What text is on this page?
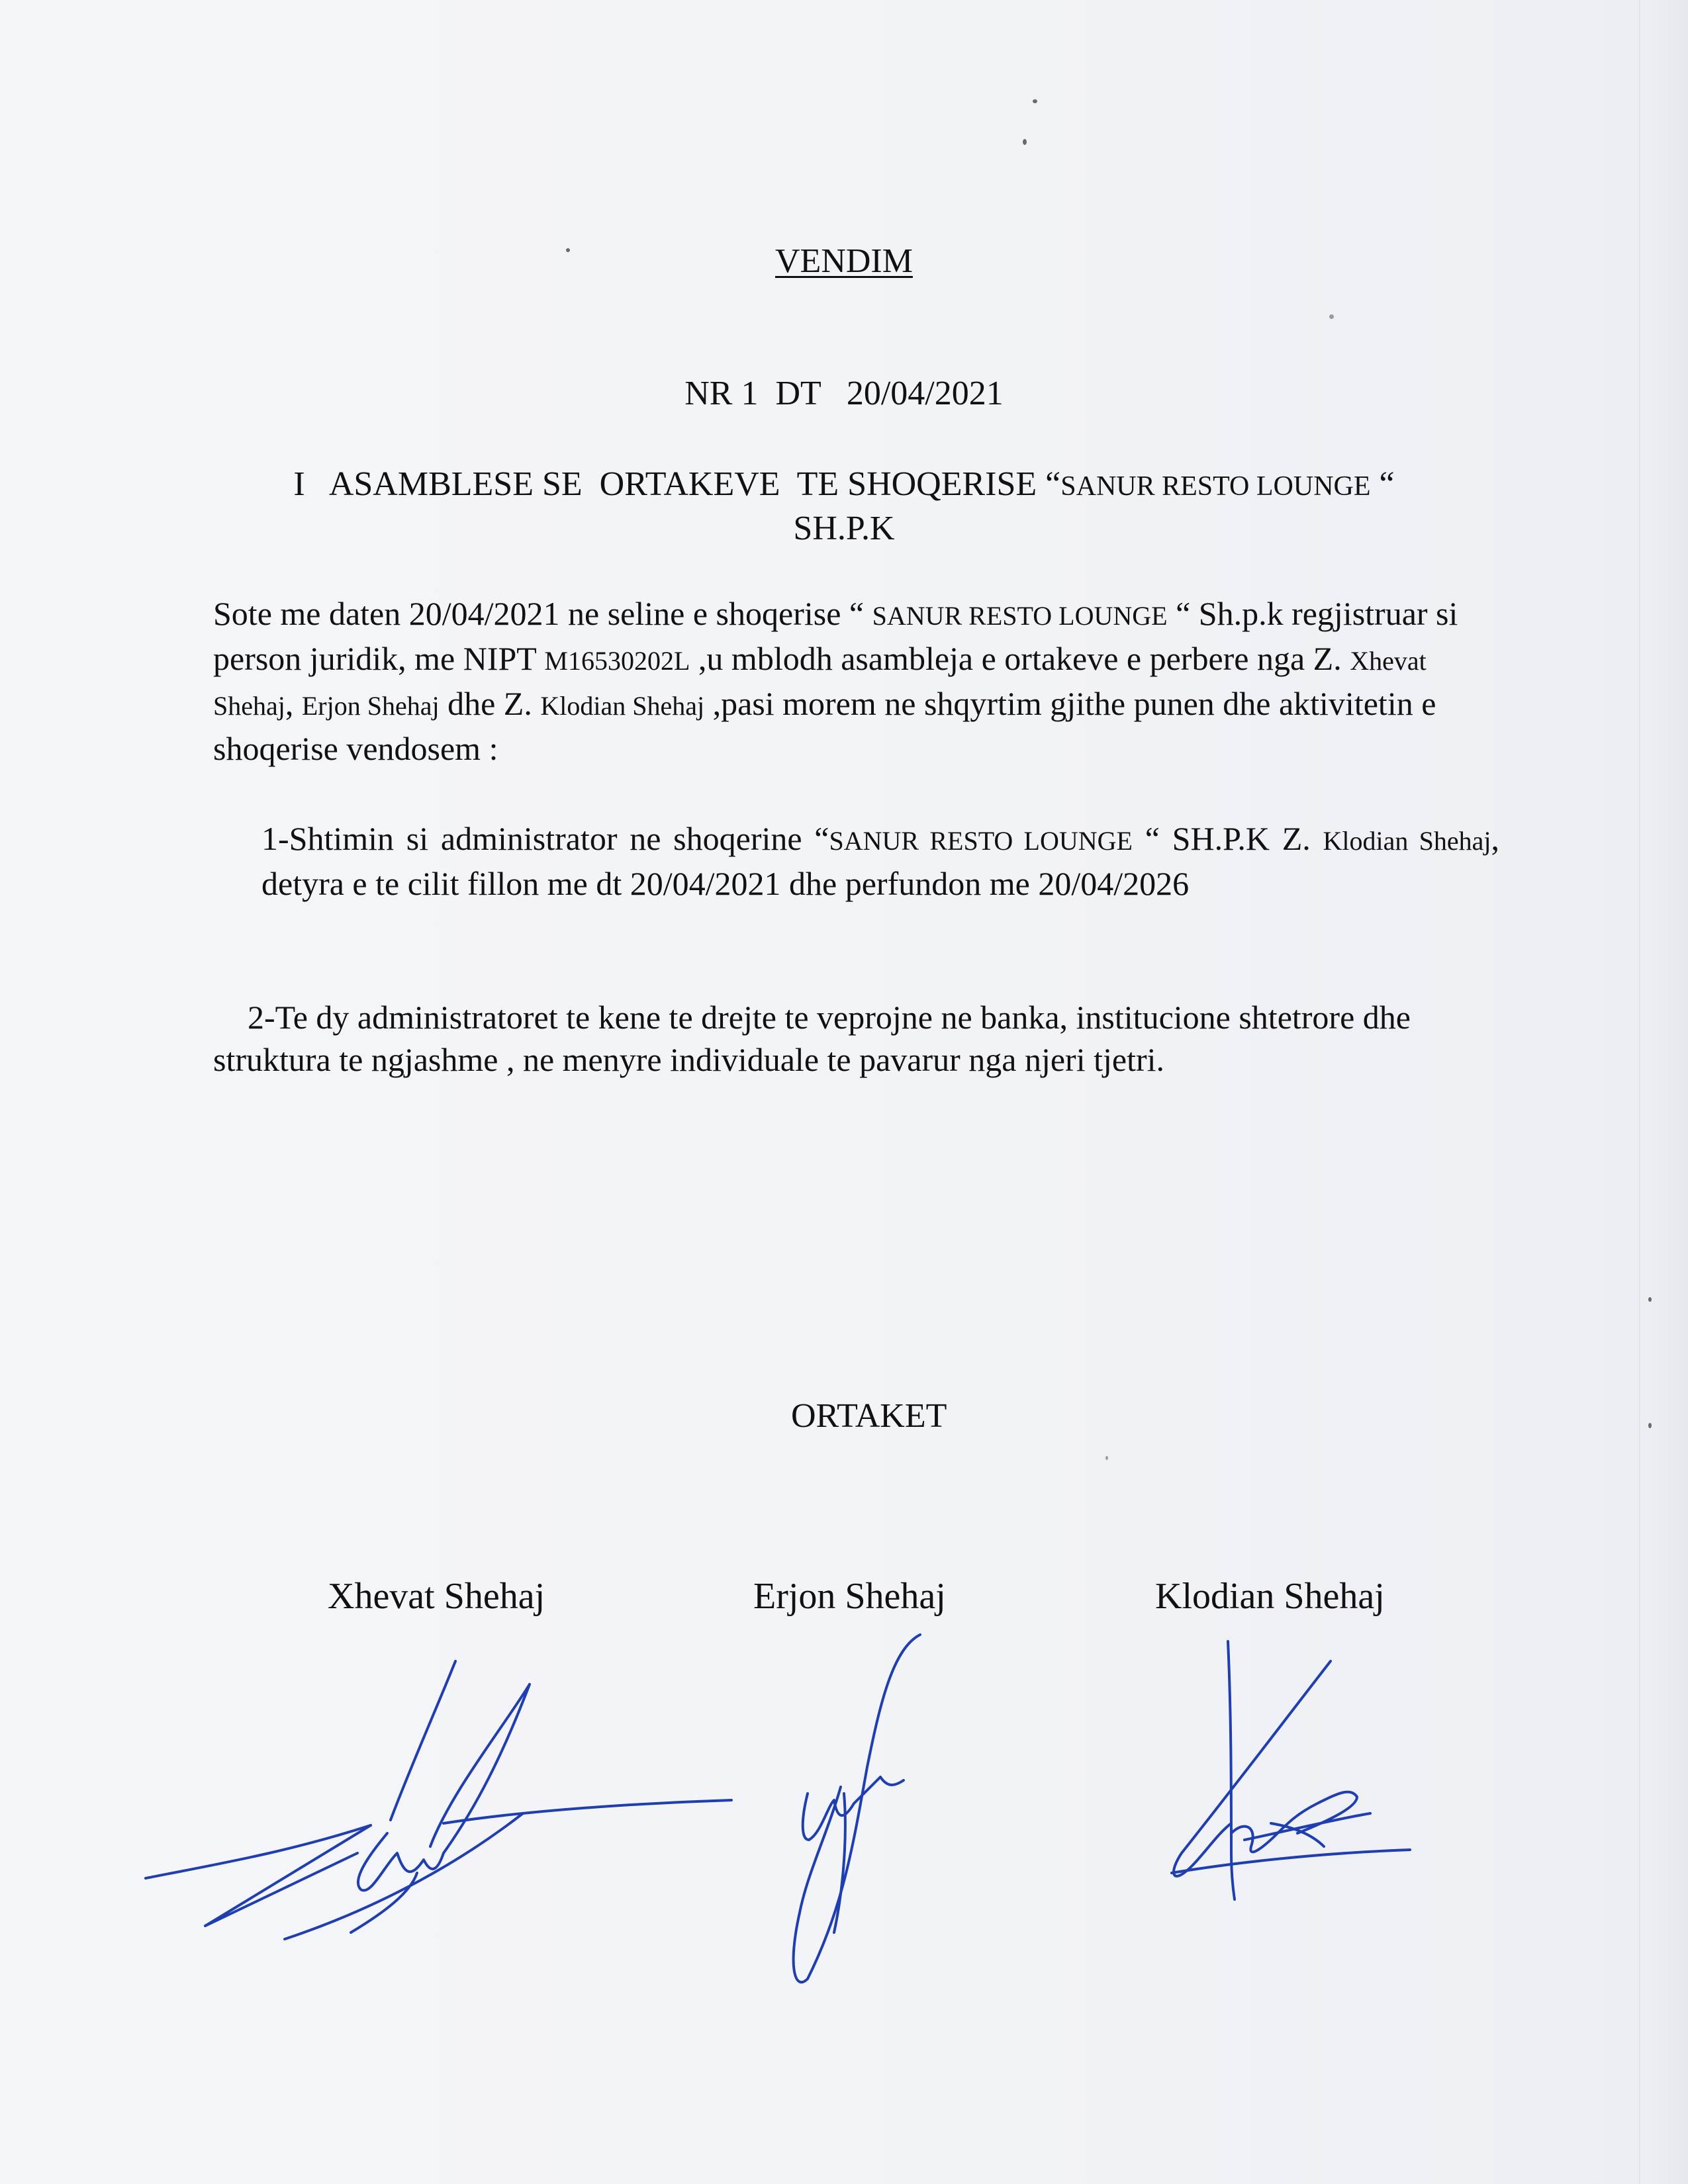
VENDIM
NR 1  DT   20/04/2021
I   ASAMBLESE SE  ORTAKEVE  TE SHOQERISE “SANUR RESTO LOUNGE “
SH.P.K

Sote me daten 20/04/2021 ne seline e shoqerise “ SANUR RESTO LOUNGE “ Sh.p.k regjistruar si person juridik, me NIPT M16530202L ,u mblodh asambleja e ortakeve e perbere nga Z. Xhevat Shehaj, Erjon Shehaj dhe Z. Klodian Shehaj ,pasi morem ne shqyrtim gjithe punen dhe aktivitetin e shoqerise vendosem :

1-Shtimin si administrator ne shoqerine “SANUR RESTO LOUNGE “ SH.P.K Z. Klodian Shehaj, detyra e te cilit fillon me dt 20/04/2021 dhe perfundon me 20/04/2026

2-Te dy administratoret te kene te drejte te veprojne ne banka, institucione shtetrore dhe struktura te ngjashme , ne menyre individuale te pavarur nga njeri tjetri.

ORTAKET
Xhevat Shehaj	Erjon Shehaj	Klodian Shehaj
